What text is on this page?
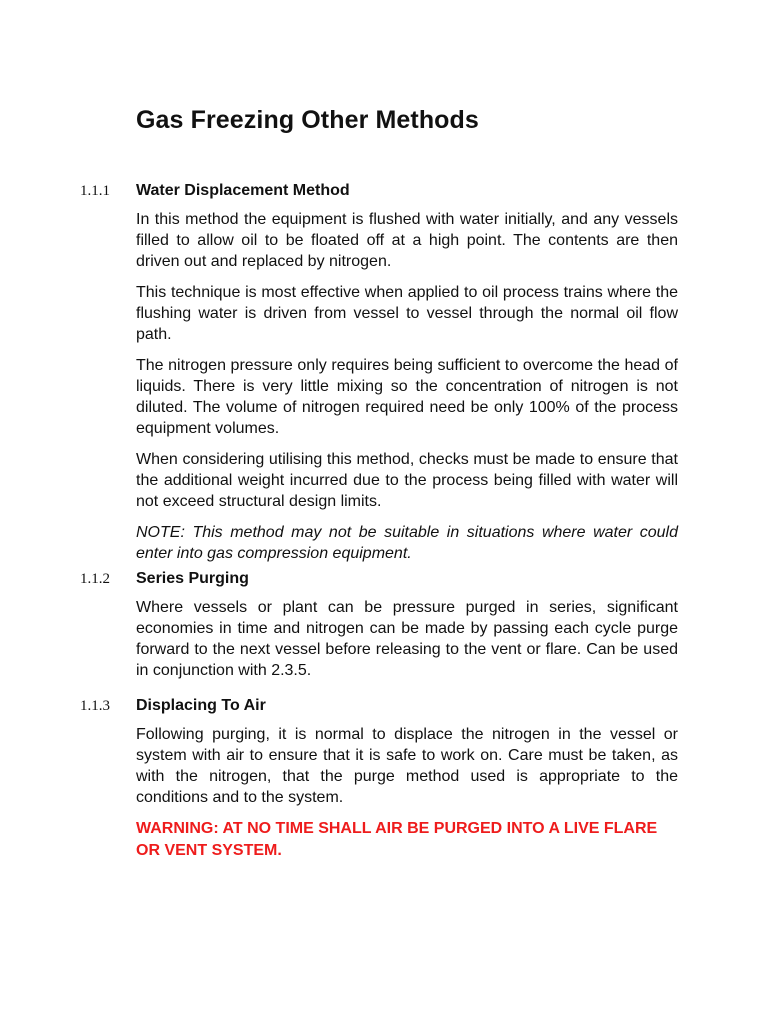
Gas Freezing Other Methods
1.1.1 Water Displacement Method

In this method the equipment is flushed with water initially, and any vessels filled to allow oil to be floated off at a high point. The contents are then driven out and replaced by nitrogen.

This technique is most effective when applied to oil process trains where the flushing water is driven from vessel to vessel through the normal oil flow path.

The nitrogen pressure only requires being sufficient to overcome the head of liquids. There is very little mixing so the concentration of nitrogen is not diluted. The volume of nitrogen required need be only 100% of the process equipment volumes.

When considering utilising this method, checks must be made to ensure that the additional weight incurred due to the process being filled with water will not exceed structural design limits.

NOTE: This method may not be suitable in situations where water could enter into gas compression equipment.

1.1.2 Series Purging

Where vessels or plant can be pressure purged in series, significant economies in time and nitrogen can be made by passing each cycle purge forward to the next vessel before releasing to the vent or flare. Can be used in conjunction with 2.3.5.

1.1.3 Displacing To Air

Following purging, it is normal to displace the nitrogen in the vessel or system with air to ensure that it is safe to work on. Care must be taken, as with the nitrogen, that the purge method used is appropriate to the conditions and to the system.

WARNING: AT NO TIME SHALL AIR BE PURGED INTO A LIVE FLARE OR VENT SYSTEM.
